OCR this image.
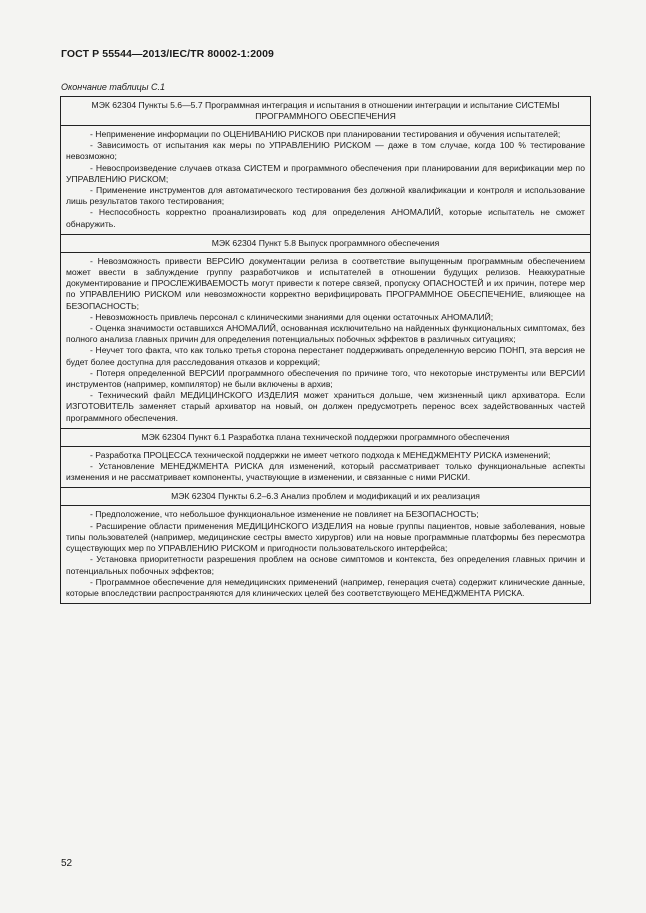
ГОСТ Р 55544—2013/IEC/TR 80002-1:2009
Окончание таблицы С.1
МЭК 62304 Пункты 5.6—5.7 Программная интеграция и испытания в отношении интеграции и испытание СИСТЕМЫ ПРОГРАММНОГО ОБЕСПЕЧЕНИЯ

- Неприменение информации по ОЦЕНИВАНИЮ РИСКОВ при планировании тестирования и обучения испытателей;

- Зависимость от испытания как меры по УПРАВЛЕНИЮ РИСКОМ — даже в том случае, когда 100 % тестирование невозможно;

- Невоспроизведение случаев отказа СИСТЕМ и программного обеспечения при планировании для верификации мер по УПРАВЛЕНИЮ РИСКОМ;

- Применение инструментов для автоматического тестирования без должной квалификации и контроля и использование лишь результатов такого тестирования;

- Неспособность корректно проанализировать код для определения АНОМАЛИЙ, которые испытатель не сможет обнаружить.

МЭК 62304 Пункт 5.8 Выпуск программного обеспечения

- Невозможность привести ВЕРСИЮ документации релиза в соответствие выпущенным программным обеспечением может ввести в заблуждение группу разработчиков и испытателей в отношении будущих релизов. Неаккуратные документирование и ПРОСЛЕЖИВАЕМОСТЬ могут привести к потере связей, пропуску ОПАСНОСТЕЙ и их причин, потере мер по УПРАВЛЕНИЮ РИСКОМ или невозможности корректно верифицировать ПРОГРАММНОЕ ОБЕСПЕЧЕНИЕ, влияющее на БЕЗОПАСНОСТЬ;

- Невозможность привлечь персонал с клиническими знаниями для оценки остаточных АНОМАЛИЙ;

- Оценка значимости оставшихся АНОМАЛИЙ, основанная исключительно на найденных функциональных симптомах, без полного анализа главных причин для определения потенциальных побочных эффектов в различных ситуациях;

- Неучет того факта, что как только третья сторона перестанет поддерживать определенную версию ПОНП, эта версия не будет более доступна для расследования отказов и коррекций;

- Потеря определенной ВЕРСИИ программного обеспечения по причине того, что некоторые инструменты или ВЕРСИИ инструментов (например, компилятор) не были включены в архив;

- Технический файл МЕДИЦИНСКОГО ИЗДЕЛИЯ может храниться дольше, чем жизненный цикл архиватора. Если ИЗГОТОВИТЕЛЬ заменяет старый архиватор на новый, он должен предусмотреть перенос всех задействованных частей программного обеспечения.

МЭК 62304 Пункт 6.1 Разработка плана технической поддержки программного обеспечения

- Разработка ПРОЦЕССА технической поддержки не имеет четкого подхода к МЕНЕДЖМЕНТУ РИСКА изменений;

- Установление МЕНЕДЖМЕНТА РИСКА для изменений, который рассматривает только функциональные аспекты изменения и не рассматривает компоненты, участвующие в изменении, и связанные с ними РИСКИ.

МЭК 62304 Пункты 6.2–6.3 Анализ проблем и модификаций и их реализация

- Предположение, что небольшое функциональное изменение не повлияет на БЕЗОПАСНОСТЬ;

- Расширение области применения МЕДИЦИНСКОГО ИЗДЕЛИЯ на новые группы пациентов, новые заболевания, новые типы пользователей (например, медицинские сестры вместо хирургов) или на новые программные платформы без пересмотра существующих мер по УПРАВЛЕНИЮ РИСКОМ и пригодности пользовательского интерфейса;

- Установка приоритетности разрешения проблем на основе симптомов и контекста, без определения главных причин и потенциальных побочных эффектов;

- Программное обеспечение для немедицинских применений (например, генерация счета) содержит клинические данные, которые впоследствии распространяются для клинических целей без соответствующего МЕНЕДЖМЕНТА РИСКА.

52
